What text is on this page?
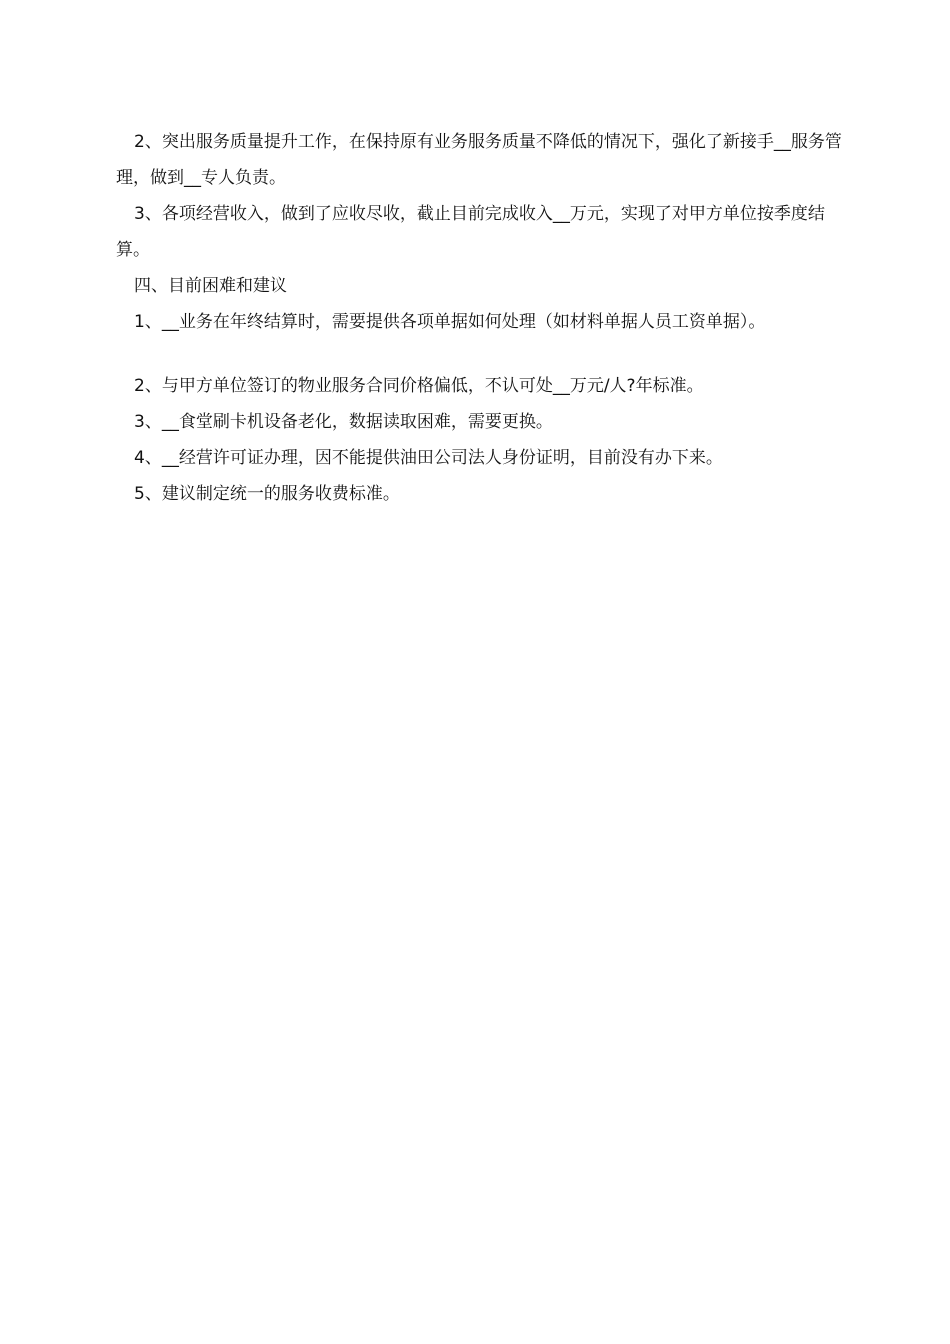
2、突出服务质量提升工作，在保持原有业务服务质量不降低的情况下，强化了新接手__服务管理，做到__专人负责。

3、各项经营收入，做到了应收尽收，截止目前完成收入__万元，实现了对甲方单位按季度结算。

四、目前困难和建议

1、__业务在年终结算时，需要提供各项单据如何处理（如材料单据人员工资单据）。

2、与甲方单位签订的物业服务合同价格偏低，不认可处__万元/人?年标准。

3、__食堂刷卡机设备老化，数据读取困难，需要更换。

4、__经营许可证办理，因不能提供油田公司法人身份证明，目前没有办下来。

5、建议制定统一的服务收费标准。
